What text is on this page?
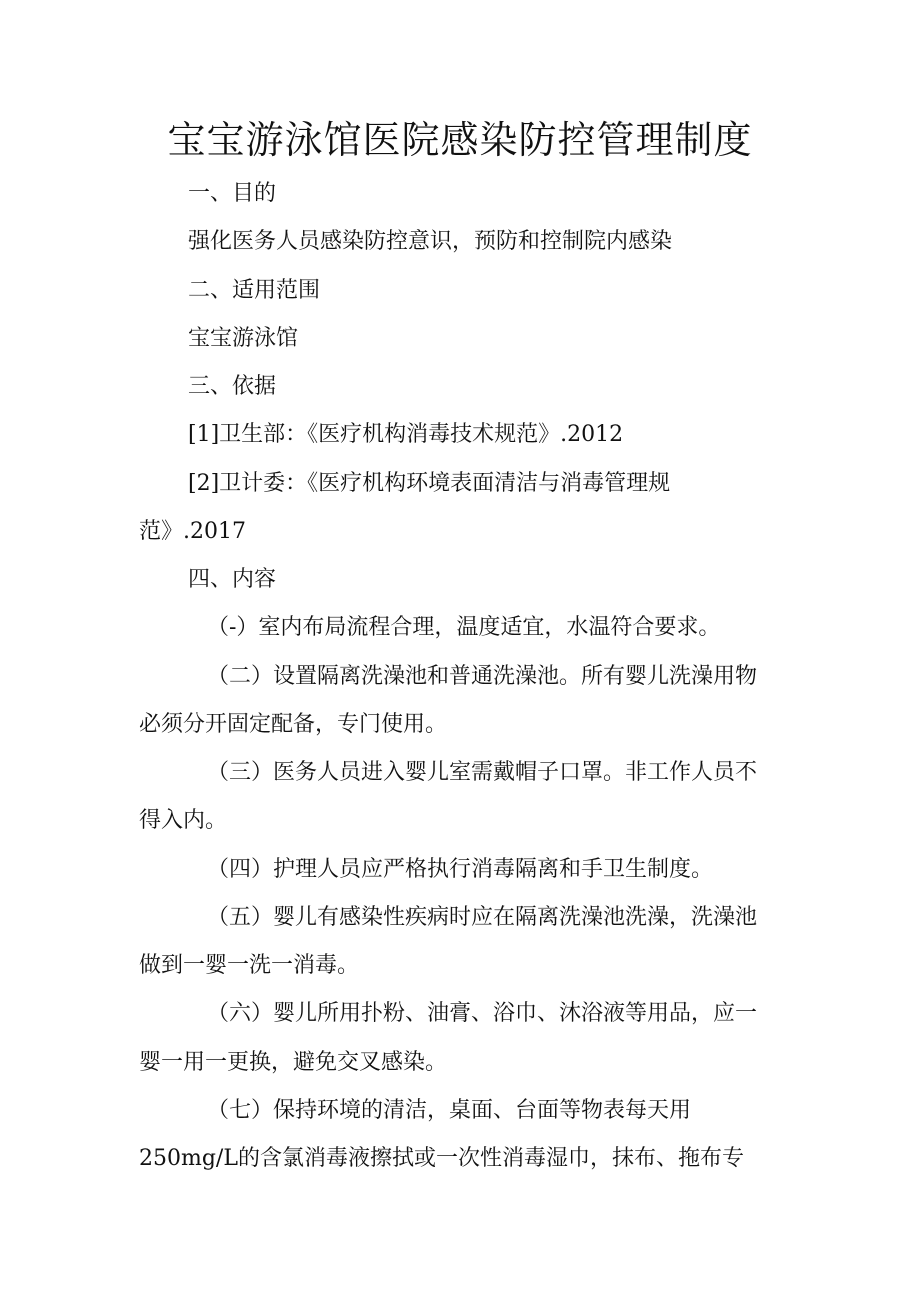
宝宝游泳馆医院感染防控管理制度
一、目的
强化医务人员感染防控意识，预防和控制院内感染
二、适用范围
宝宝游泳馆
三、依据
[1]卫生部：《医疗机构消毒技术规范》.2012
[2]卫计委：《医疗机构环境表面清洁与消毒管理规
范》.2017
四、内容
（-）室内布局流程合理，温度适宜，水温符合要求。
（二）设置隔离洗澡池和普通洗澡池。所有婴儿洗澡用物
必须分开固定配备，专门使用。
（三）医务人员进入婴儿室需戴帽子口罩。非工作人员不
得入内。
（四）护理人员应严格执行消毒隔离和手卫生制度。
（五）婴儿有感染性疾病时应在隔离洗澡池洗澡，洗澡池
做到一婴一洗一消毒。
（六）婴儿所用扑粉、油膏、浴巾、沐浴液等用品，应一
婴一用一更换，避免交叉感染。
（七）保持环境的清洁，桌面、台面等物表每天用
250mg/L的含氯消毒液擦拭或一次性消毒湿巾，抹布、拖布专
